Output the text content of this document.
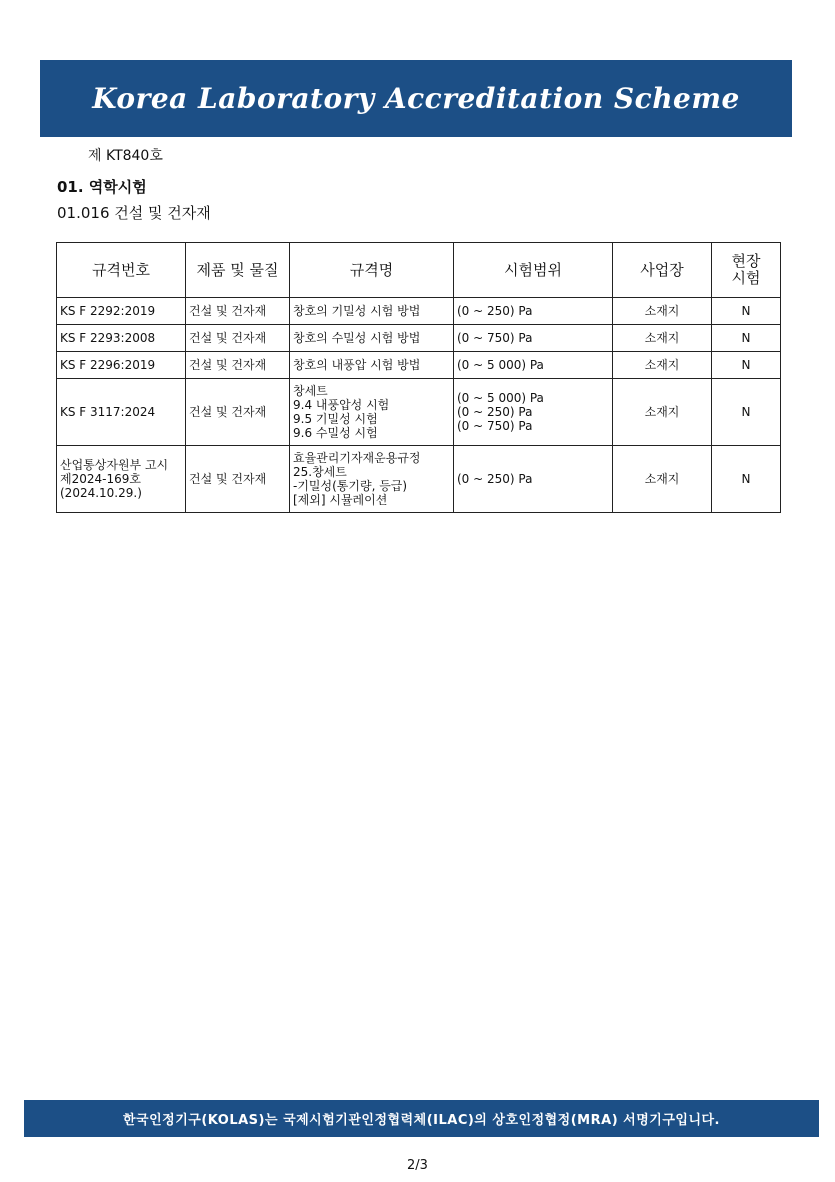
Korea Laboratory Accreditation Scheme
제 KT840호
01. 역학시험
01.016 건설 및 건자재
규격번호	제품 및 물질	규격명	시험범위	사업장	현장
시험
KS F 2292:2019	건설 및 건자재	창호의 기밀성 시험 방법	(0 ~ 250) Pa	소재지	N
KS F 2293:2008	건설 및 건자재	창호의 수밀성 시험 방법	(0 ~ 750) Pa	소재지	N
KS F 2296:2019	건설 및 건자재	창호의 내풍압 시험 방법	(0 ~ 5 000) Pa	소재지	N
KS F 3117:2024	건설 및 건자재	창세트
9.4 내풍압성 시험
9.5 기밀성 시험
9.6 수밀성 시험	(0 ~ 5 000) Pa
(0 ~ 250) Pa
(0 ~ 750) Pa	소재지	N
산업통상자원부 고시
제2024-169호
(2024.10.29.)	건설 및 건자재	효율관리기자재운용규정
25.창세트
-기밀성(통기량, 등급)
[제외] 시뮬레이션	(0 ~ 250) Pa	소재지	N
한국인정기구(KOLAS)는 국제시험기관인정협력체(ILAC)의 상호인정협정(MRA) 서명기구입니다.
2/3
